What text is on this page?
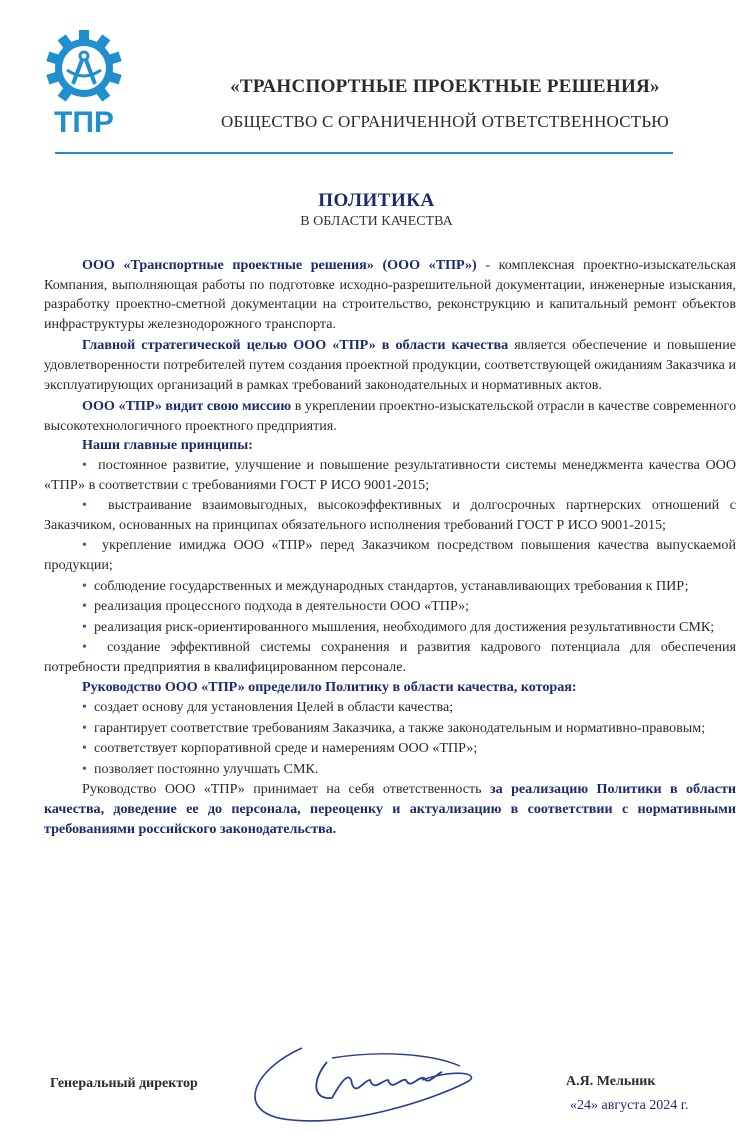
ТПР
«ТРАНСПОРТНЫЕ ПРОЕКТНЫЕ РЕШЕНИЯ»
ОБЩЕСТВО С ОГРАНИЧЕННОЙ ОТВЕТСТВЕННОСТЬЮ
ПОЛИТИКА
В ОБЛАСТИ КАЧЕСТВА

ООО «Транспортные проектные решения» (ООО «ТПР») - комплексная проектно-изыскательская Компания, выполняющая работы по подготовке исходно-разрешительной документации, инженерные изыскания, разработку проектно-сметной документации на строительство, реконструкцию и капитальный ремонт объектов инфраструктуры железнодорожного транспорта.

Главной стратегической целью ООО «ТПР» в области качества является обеспечение и повышение удовлетворенности потребителей путем создания проектной продукции, соответствующей ожиданиям Заказчика и эксплуатирующих организаций в рамках требований законодательных и нормативных актов.

ООО «ТПР» видит свою миссию в укреплении проектно-изыскательской отрасли в качестве современного высокотехнологичного проектного предприятия.

Наши главные принципы:

• постоянное развитие, улучшение и повышение результативности системы менеджмента качества ООО «ТПР» в соответствии с требованиями ГОСТ Р ИСО 9001-2015;
• выстраивание взаимовыгодных, высокоэффективных и долгосрочных партнерских отношений с Заказчиком, основанных на принципах обязательного исполнения требований ГОСТ Р ИСО 9001-2015;
• укрепление имиджа ООО «ТПР» перед Заказчиком посредством повышения качества выпускаемой продукции;
• соблюдение государственных и международных стандартов, устанавливающих требования к ПИР;
• реализация процессного подхода в деятельности ООО «ТПР»;
• реализация риск-ориентированного мышления, необходимого для достижения результативности СМК;
• создание эффективной системы сохранения и развития кадрового потенциала для обеспечения потребности предприятия в квалифицированном персонале.

Руководство ООО «ТПР» определило Политику в области качества, которая:

• создает основу для установления Целей в области качества;
• гарантирует соответствие требованиям Заказчика, а также законодательным и нормативно-правовым;
• соответствует корпоративной среде и намерениям ООО «ТПР»;
• позволяет постоянно улучшать СМК.

Руководство ООО «ТПР» принимает на себя ответственность за реализацию Политики в области качества, доведение ее до персонала, переоценку и актуализацию в соответствии с нормативными требованиями российского законодательства.

Генеральный директор	А.Я. Мельник
«24» августа 2024 г.
